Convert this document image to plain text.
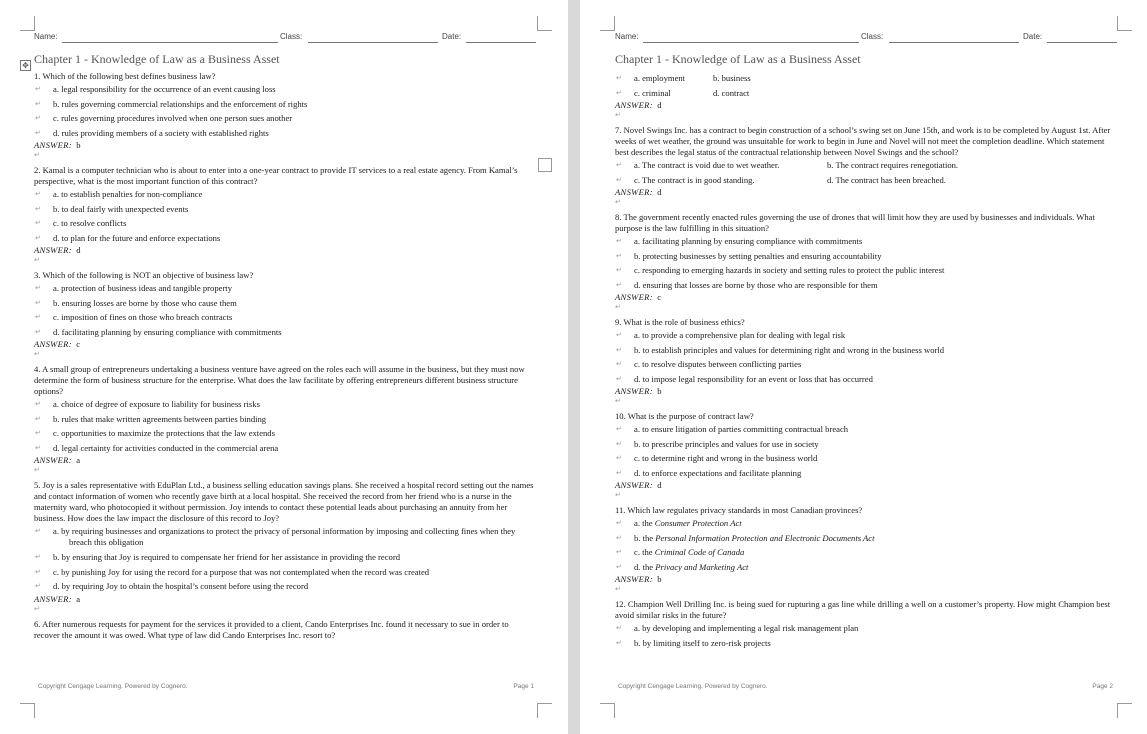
✥
Name:	Class:	Date:
Chapter 1 - Knowledge of Law as a Business Asset
1. Which of the following best defines business law?
↵ a. legal responsibility for the occurrence of an event causing loss
↵ b. rules governing commercial relationships and the enforcement of rights
↵ c. rules governing procedures involved when one person sues another
↵ d. rules providing members of a society with established rights
ANSWER: b
↵
2. Kamal is a computer technician who is about to enter into a one-year contract to provide IT services to a real estate agency. From Kamal’s perspective, what is the most important function of this contract?
↵ a. to establish penalties for non-compliance
↵ b. to deal fairly with unexpected events
↵ c. to resolve conflicts
↵ d. to plan for the future and enforce expectations
ANSWER: d
↵
3. Which of the following is NOT an objective of business law?
↵ a. protection of business ideas and tangible property
↵ b. ensuring losses are borne by those who cause them
↵ c. imposition of fines on those who breach contracts
↵ d. facilitating planning by ensuring compliance with commitments
ANSWER: c
↵
4. A small group of entrepreneurs undertaking a business venture have agreed on the roles each will assume in the business, but they must now determine the form of business structure for the enterprise. What does the law facilitate by offering entrepreneurs different business structure options?
↵ a. choice of degree of exposure to liability for business risks
↵ b. rules that make written agreements between parties binding
↵ c. opportunities to maximize the protections that the law extends
↵ d. legal certainty for activities conducted in the commercial arena
ANSWER: a
↵
5. Joy is a sales representative with EduPlan Ltd., a business selling education savings plans. She received a hospital record setting out the names and contact information of women who recently gave birth at a local hospital. She received the record from her friend who is a nurse in the maternity ward, who photocopied it without permission. Joy intends to contact these potential leads about purchasing an annuity from her business. How does the law impact the disclosure of this record to Joy?
↵ a. by requiring businesses and organizations to protect the privacy of personal information by imposing and collecting fines when they breach this obligation
↵ b. by ensuring that Joy is required to compensate her friend for her assistance in providing the record
↵ c. by punishing Joy for using the record for a purpose that was not contemplated when the record was created
↵ d. by requiring Joy to obtain the hospital’s consent before using the record
ANSWER: a
↵
6. After numerous requests for payment for the services it provided to a client, Cando Enterprises Inc. found it necessary to sue in order to recover the amount it was owed. What type of law did Cando Enterprises Inc. resort to?
Copyright Cengage Learning. Powered by Cognero.	Page 1
Name:	Class:	Date:
Chapter 1 - Knowledge of Law as a Business Asset
↵ a. employment	b. business
↵ c. criminal	d. contract
ANSWER: d
↵
7. Novel Swings Inc. has a contract to begin construction of a school’s swing set on June 15th, and work is to be completed by August 1st. After weeks of wet weather, the ground was unsuitable for work to begin in June and Novel will not meet the completion deadline. Which statement best describes the legal status of the contractual relationship between Novel Swings and the school?
↵ a. The contract is void due to wet weather.	b. The contract requires renegotiation.
↵ c. The contract is in good standing.	d. The contract has been breached.
ANSWER: d
↵
8. The government recently enacted rules governing the use of drones that will limit how they are used by businesses and individuals. What purpose is the law fulfilling in this situation?
↵ a. facilitating planning by ensuring compliance with commitments
↵ b. protecting businesses by setting penalties and ensuring accountability
↵ c. responding to emerging hazards in society and setting rules to protect the public interest
↵ d. ensuring that losses are borne by those who are responsible for them
ANSWER: c
↵
9. What is the role of business ethics?
↵ a. to provide a comprehensive plan for dealing with legal risk
↵ b. to establish principles and values for determining right and wrong in the business world
↵ c. to resolve disputes between conflicting parties
↵ d. to impose legal responsibility for an event or loss that has occurred
ANSWER: b
↵
10. What is the purpose of contract law?
↵ a. to ensure litigation of parties committing contractual breach
↵ b. to prescribe principles and values for use in society
↵ c. to determine right and wrong in the business world
↵ d. to enforce expectations and facilitate planning
ANSWER: d
↵
11. Which law regulates privacy standards in most Canadian provinces?
↵ a. the Consumer Protection Act
↵ b. the Personal Information Protection and Electronic Documents Act
↵ c. the Criminal Code of Canada
↵ d. the Privacy and Marketing Act
ANSWER: b
↵
12. Champion Well Drilling Inc. is being sued for rupturing a gas line while drilling a well on a customer’s property. How might Champion best avoid similar risks in the future?
↵ a. by developing and implementing a legal risk management plan
↵ b. by limiting itself to zero-risk projects
Copyright Cengage Learning. Powered by Cognero.	Page 2
